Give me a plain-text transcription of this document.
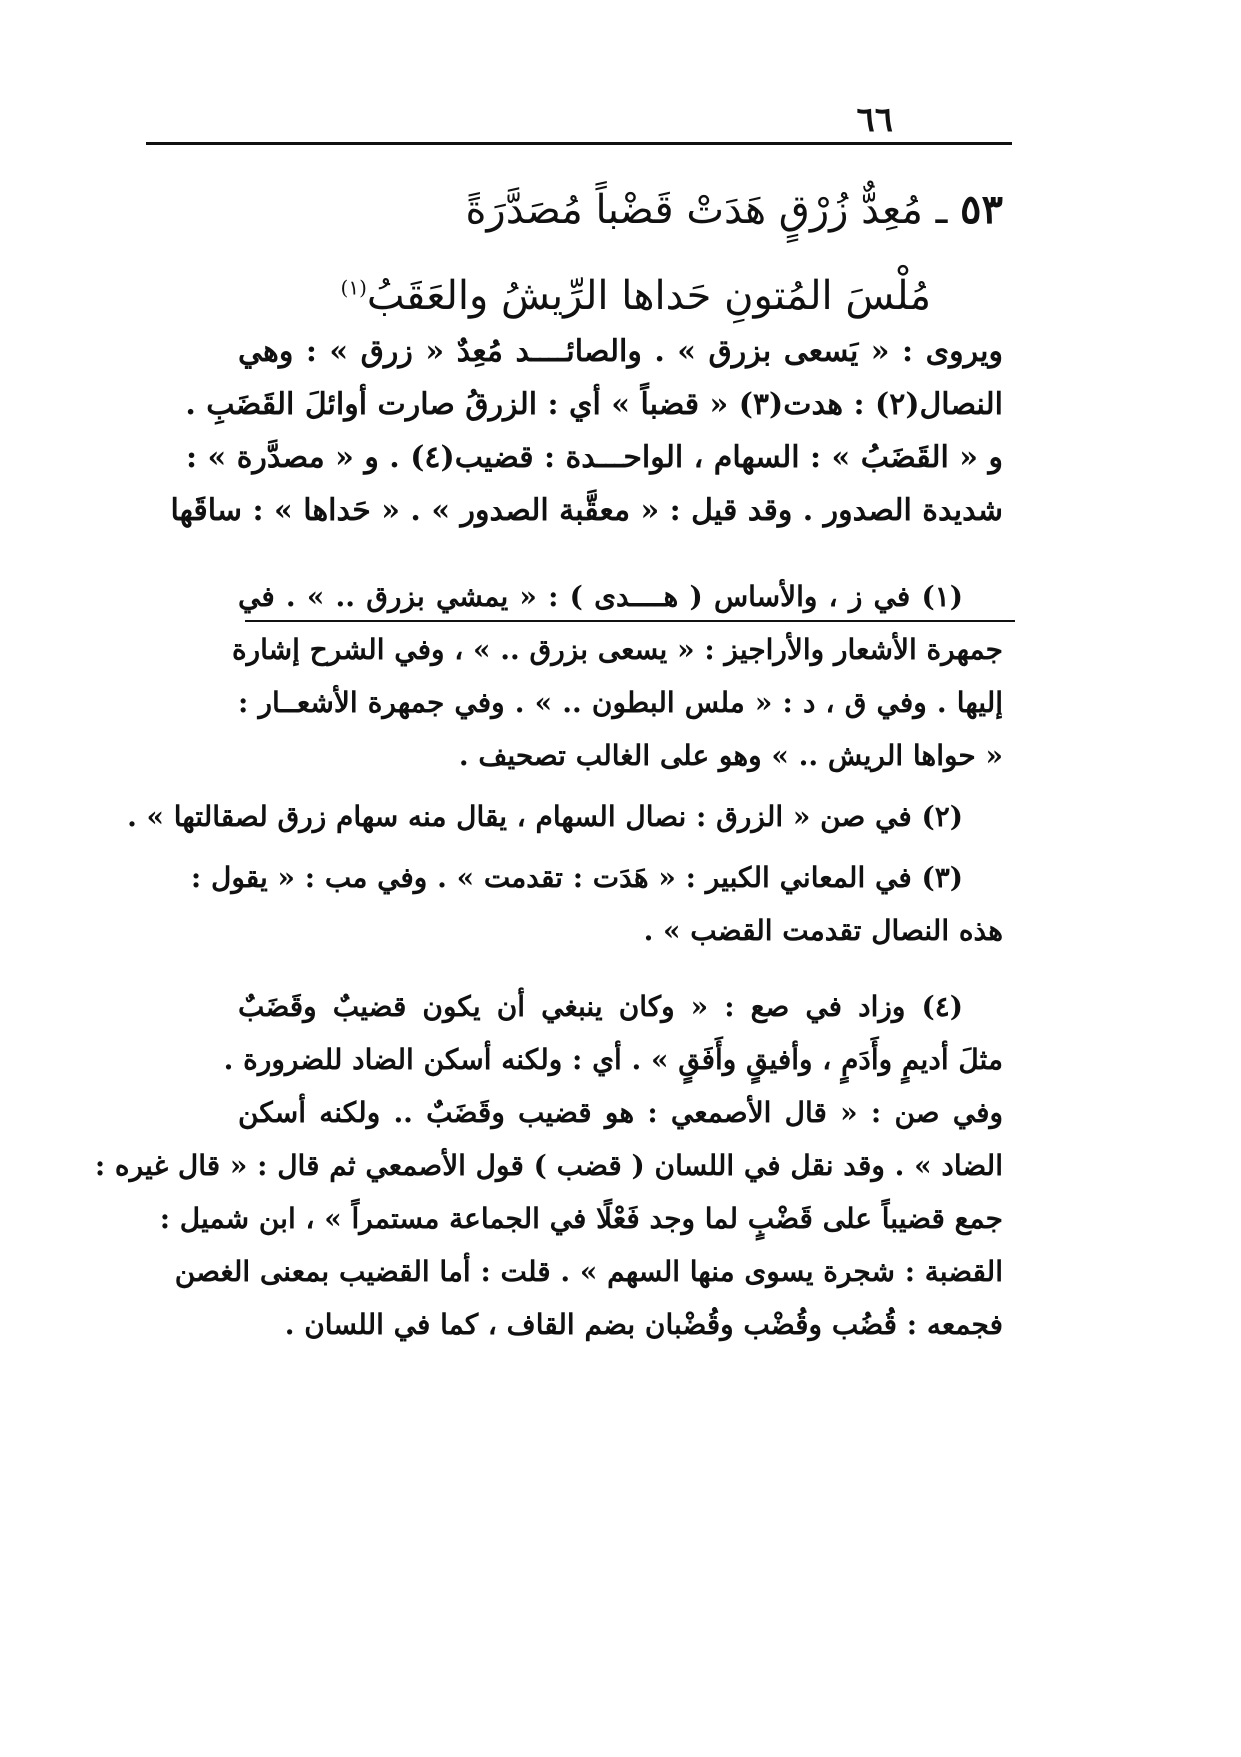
٦٦
٥٣ ـ مُعِدٌّ زُرْقٍ هَدَتْ قَضْباً مُصَدَّرَةً
مُلْسَ المُتونِ حَداها الرِّيشُ والعَقَبُ$^{(١)}$
ويروى : « يَسعى بزرق » . والصائــــد مُعِدٌ « زرق » : وهي
النصال(٢) : هدت(٣) « قضباً » أي : الزرقُ صارت أوائلَ القَضَبِ .
و « القَضَبُ » : السهام ، الواحـــدة : قضيب(٤) . و « مصدَّرة » :
شديدة الصدور . وقد قيل : « معقَّبة الصدور » . « حَداها » : ساقَها
(١) في ز ، والأساس ( هــــدى ) : « يمشي بزرق .. » . في
جمهرة الأشعار والأراجيز : « يسعى بزرق .. » ، وفي الشرح إشارة
إليها . وفي ق ، د : « ملس البطون .. » . وفي جمهرة الأشعــار :
« حواها الريش .. » وهو على الغالب تصحيف .
(٢) في صن « الزرق : نصال السهام ، يقال منه سهام زرق لصقالتها » .
(٣) في المعاني الكبير : « هَدَت : تقدمت » . وفي مب : « يقول :
هذه النصال تقدمت القضب » .
(٤) وزاد في صع : « وكان ينبغي أن يكون قضيبٌ وقَضَبٌ
مثلَ أديمٍ وأَدَمٍ ، وأفيقٍ وأَفَقٍ » . أي : ولكنه أسكن الضاد للضرورة .
وفي صن : « قال الأصمعي : هو قضيب وقَضَبٌ .. ولكنه أسكن
الضاد » . وقد نقل في اللسان ( قضب ) قول الأصمعي ثم قال : « قال غيره :
جمع قضيباً على قَضْبٍ لما وجد فَعْلًا في الجماعة مستمراً » ، ابن شميل :
القضبة : شجرة يسوى منها السهم » . قلت : أما القضيب بمعنى الغصن
فجمعه : قُضُب وقُضْب وقُضْبان بضم القاف ، كما في اللسان .
